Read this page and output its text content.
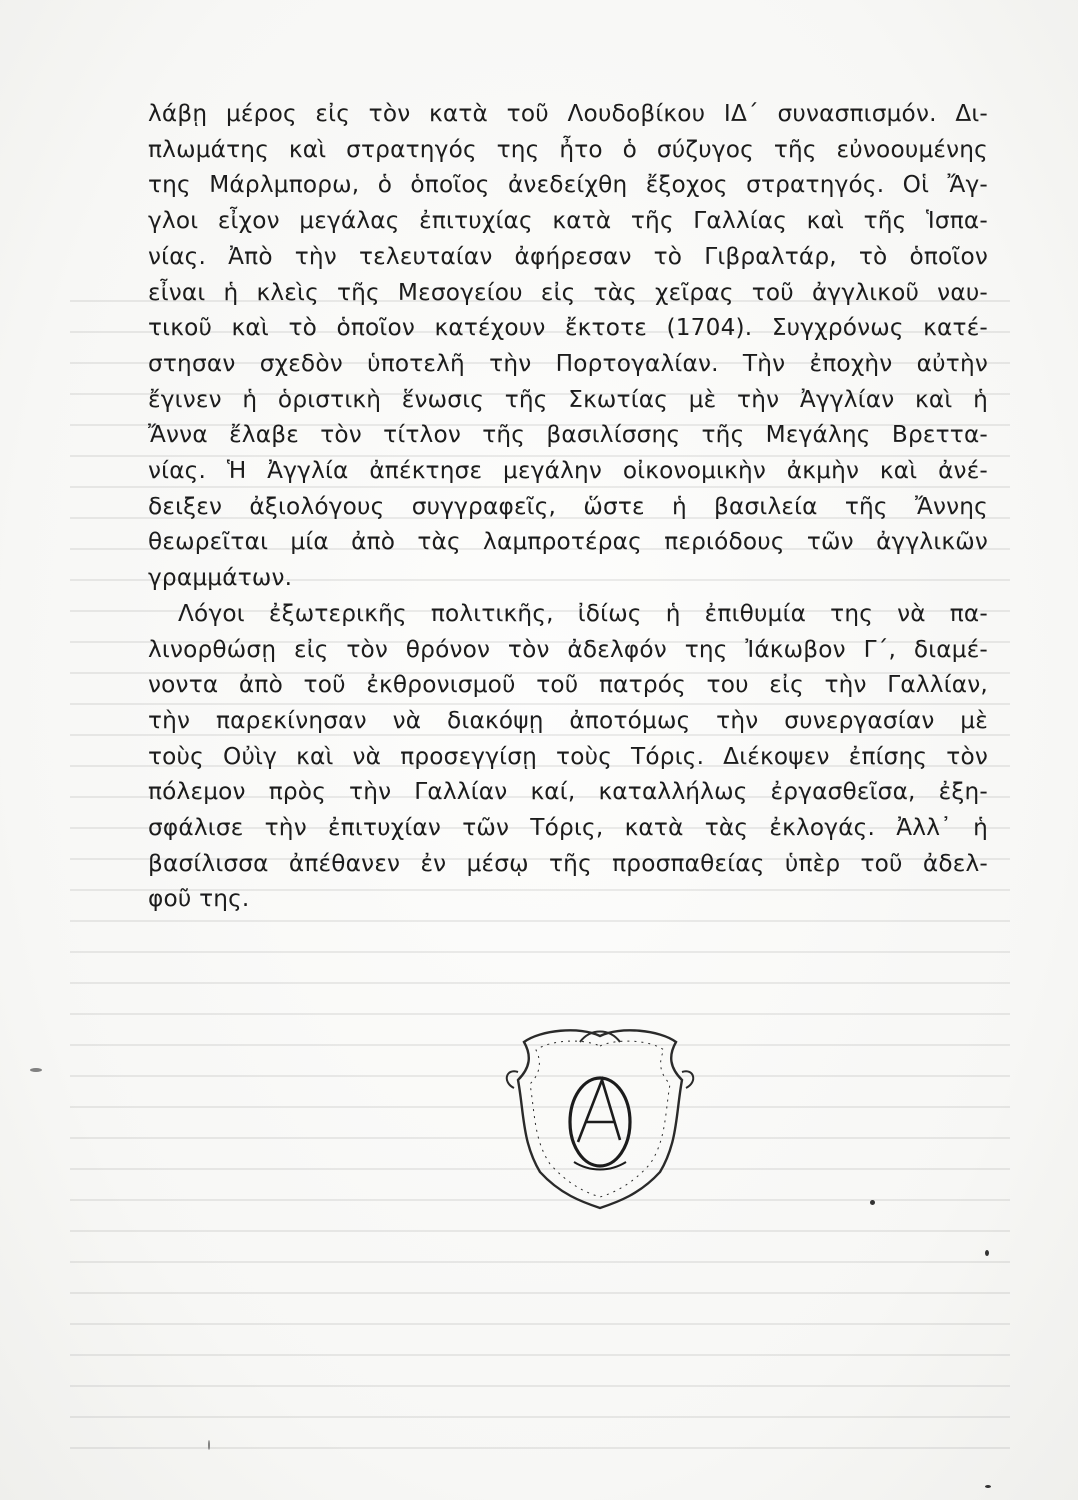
λάβῃ μέρος εἰς τὸν κατὰ τοῦ Λουδοβίκου ΙΔ΄ συνασπισμόν. Δι-
πλωμάτης καὶ στρατηγός της ἦτο ὁ σύζυγος τῆς εὐνοουμένης
της Μάρλμπορω, ὁ ὁποῖος ἀνεδείχθη ἔξοχος στρατηγός. Οἱ Ἄγ-
γλοι εἶχον μεγάλας ἐπιτυχίας κατὰ τῆς Γαλλίας καὶ τῆς Ἱσπα-
νίας. Ἀπὸ τὴν τελευταίαν ἀφήρεσαν τὸ Γιβραλτάρ, τὸ ὁποῖον
εἶναι ἡ κλεὶς τῆς Μεσογείου εἰς τὰς χεῖρας τοῦ ἀγγλικοῦ ναυ-
τικοῦ καὶ τὸ ὁποῖον κατέχουν ἔκτοτε (1704). Συγχρόνως κατέ-
στησαν σχεδὸν ὑποτελῆ τὴν Πορτογαλίαν. Τὴν ἐποχὴν αὐτὴν
ἔγινεν ἡ ὁριστικὴ ἕνωσις τῆς Σκωτίας μὲ τὴν Ἀγγλίαν καὶ ἡ
Ἄννα ἔλαβε τὸν τίτλον τῆς βασιλίσσης τῆς Μεγάλης Βρεττα-
νίας. Ἡ Ἀγγλία ἀπέκτησε μεγάλην οἰκονομικὴν ἀκμὴν καὶ ἀνέ-
δειξεν ἀξιολόγους συγγραφεῖς, ὥστε ἡ βασιλεία τῆς Ἄννης
θεωρεῖται μία ἀπὸ τὰς λαμπροτέρας περιόδους τῶν ἀγγλικῶν
γραμμάτων.
Λόγοι ἐξωτερικῆς πολιτικῆς, ἰδίως ἡ ἐπιθυμία της νὰ πα-
λινορθώσῃ εἰς τὸν θρόνον τὸν ἀδελφόν της Ἰάκωβον Γ΄, διαμέ-
νοντα ἀπὸ τοῦ ἐκθρονισμοῦ τοῦ πατρός του εἰς τὴν Γαλλίαν,
τὴν παρεκίνησαν νὰ διακόψῃ ἀποτόμως τὴν συνεργασίαν μὲ
τοὺς Οὐὶγ καὶ νὰ προσεγγίσῃ τοὺς Τόρις. Διέκοψεν ἐπίσης τὸν
πόλεμον πρὸς τὴν Γαλλίαν καί, καταλλήλως ἐργασθεῖσα, ἐξη-
σφάλισε τὴν ἐπιτυχίαν τῶν Τόρις, κατὰ τὰς ἐκλογάς. Ἀλλ᾿ ἡ
βασίλισσα ἀπέθανεν ἐν μέσῳ τῆς προσπαθείας ὑπὲρ τοῦ ἀδελ-
φοῦ της.
